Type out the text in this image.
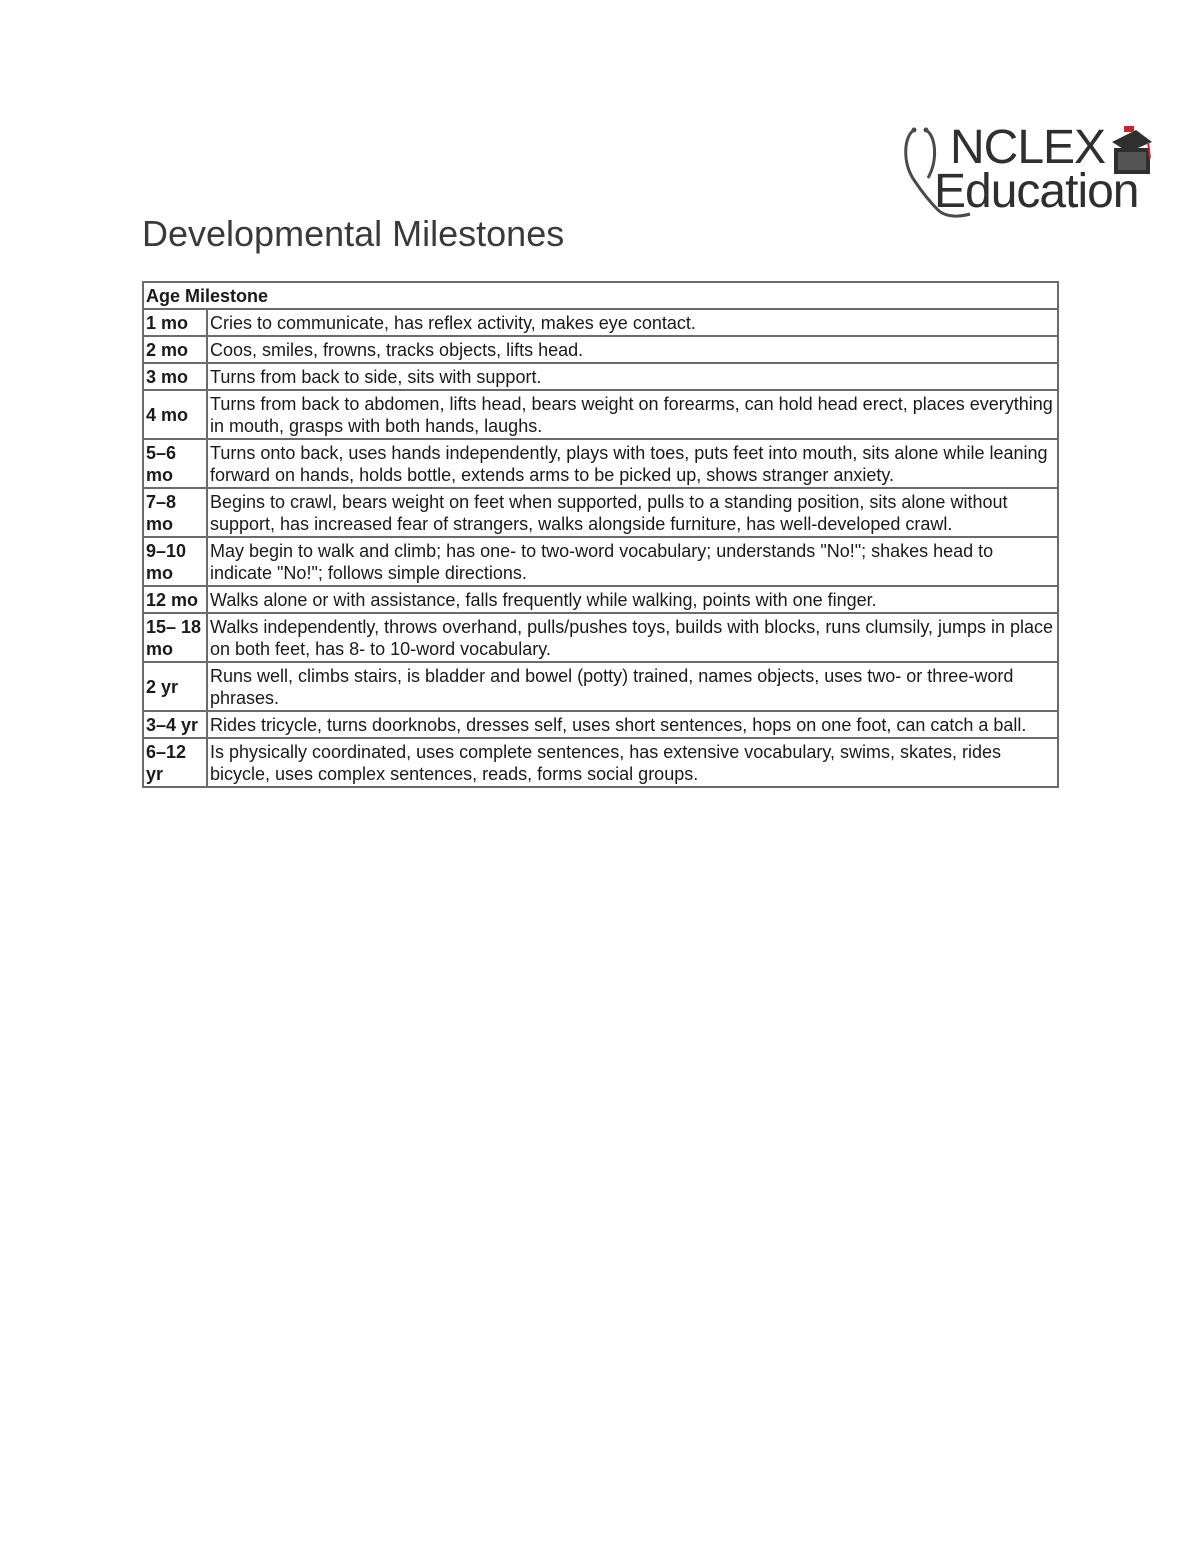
NCLEX
Education
Developmental Milestones
Age Milestone	
1 mo	Cries to communicate, has reflex activity, makes eye contact.
2 mo	Coos, smiles, frowns, tracks objects, lifts head.
3 mo	Turns from back to side, sits with support.
4 mo	Turns from back to abdomen, lifts head, bears weight on forearms, can hold head erect, places everything in mouth, grasps with both hands, laughs.
5–6 mo	Turns onto back, uses hands independently, plays with toes, puts feet into mouth, sits alone while leaning forward on hands, holds bottle, extends arms to be picked up, shows stranger anxiety.
7–8 mo	Begins to crawl, bears weight on feet when supported, pulls to a standing position, sits alone without support, has increased fear of strangers, walks alongside furniture, has well-developed crawl.
9–10 mo	May begin to walk and climb; has one- to two-word vocabulary; understands "No!"; shakes head to indicate "No!"; follows simple directions.
12 mo	Walks alone or with assistance, falls frequently while walking, points with one finger.
15– 18 mo	Walks independently, throws overhand, pulls/pushes toys, builds with blocks, runs clumsily, jumps in place on both feet, has 8- to 10-word vocabulary.
2 yr	Runs well, climbs stairs, is bladder and bowel (potty) trained, names objects, uses two- or three-word phrases.
3–4 yr	Rides tricycle, turns doorknobs, dresses self, uses short sentences, hops on one foot, can catch a ball.
6–12 yr	Is physically coordinated, uses complete sentences, has extensive vocabulary, swims, skates, rides bicycle, uses complex sentences, reads, forms social groups.
